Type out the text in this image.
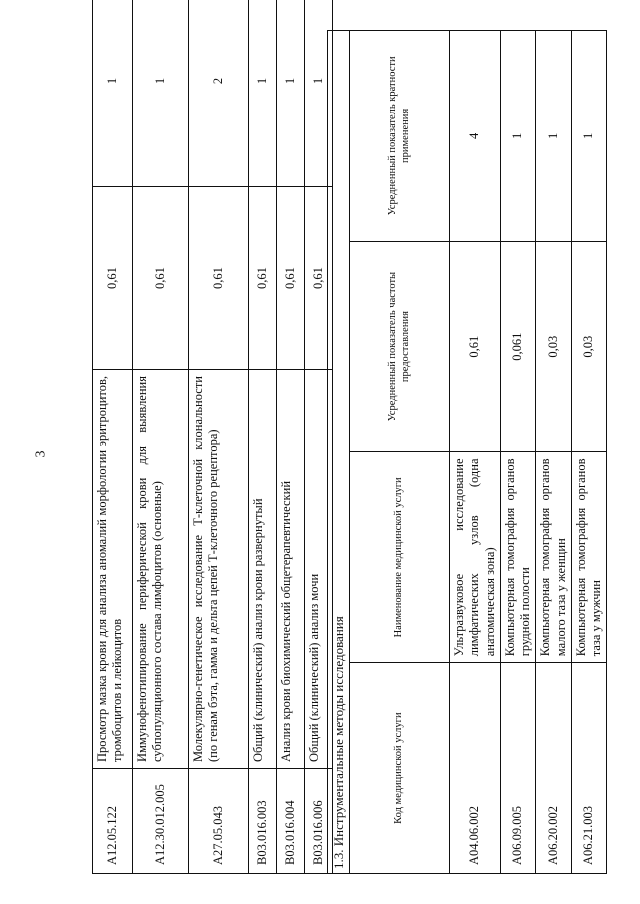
3
A12.05.122	Просмотр мазка крови для анализа аномалий морфологии эритроцитов, тромбоцитов и лейкоцитов	0,61	1
A12.30.012.005	Иммунофенотипирование периферической крови для выявления субпопуляционного состава лимфоцитов (основные)	0,61	1
A27.05.043	Молекулярно-генетическое исследование Т-клеточной клональности (по генам бэта, гамма и дельта цепей Т-клеточного рецептора)	0,61	2
B03.016.003	Общий (клинический) анализ крови развернутый	0,61	1
B03.016.004	Анализ крови биохимический общетерапевтический	0,61	1
B03.016.006	Общий (клинический) анализ мочи	0,61	1
1.3. Инструментальные методы исследования			
Код медицинской услуги	Наименование медицинской услуги	Усредненный показатель частоты предоставления	Усредненный показатель кратности применения
A04.06.002	Ультразвуковое исследование лимфатических узлов (одна анатомическая зона)	0,61	4
A06.09.005	Компьютерная томография органов грудной полости	0,061	1
A06.20.002	Компьютерная томография органов малого таза у женщин	0,03	1
A06.21.003	Компьютерная томография органов таза у мужчин	0,03	1
